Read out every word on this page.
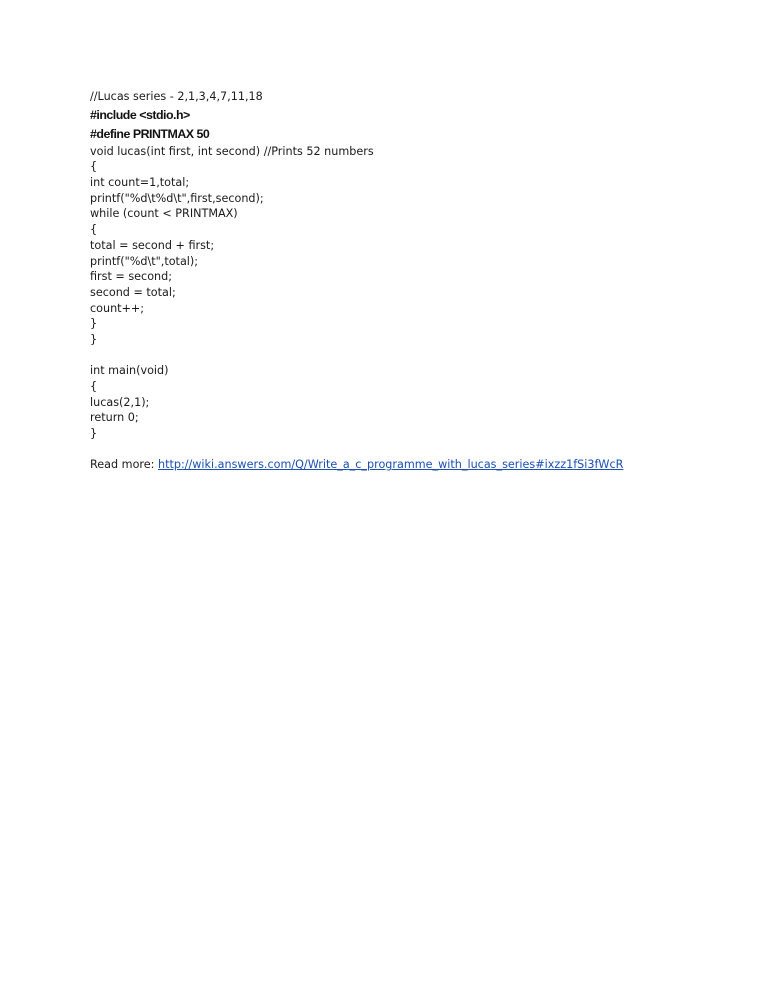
//Lucas series - 2,1,3,4,7,11,18
#include <stdio.h>
#define PRINTMAX 50
void lucas(int first, int second) //Prints 52 numbers
{
int count=1,total;
printf("%d\t%d\t",first,second);
while (count < PRINTMAX)
{
total = second + first;
printf("%d\t",total);
first = second;
second = total;
count++;
}
}
int main(void)
{
lucas(2,1);
return 0;
}
Read more: http://wiki.answers.com/Q/Write_a_c_programme_with_lucas_series#ixzz1fSi3fWcR
